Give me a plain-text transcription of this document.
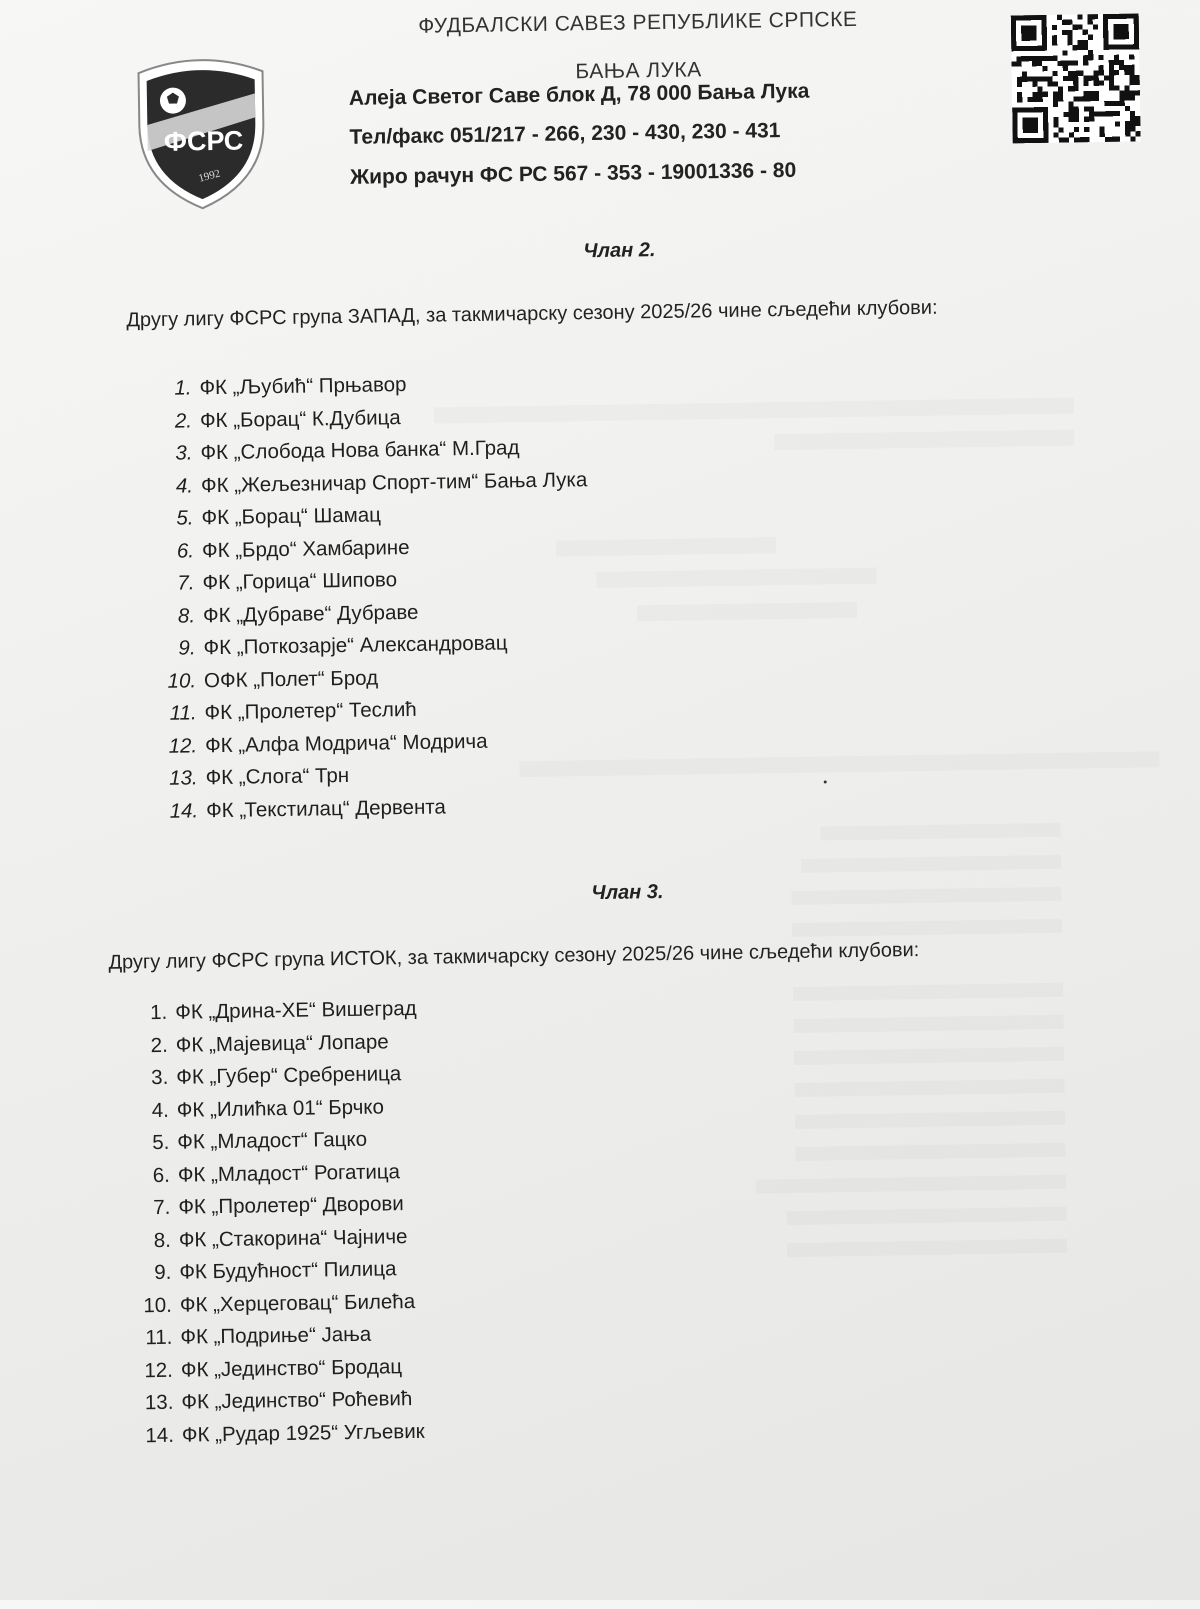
​
ФСРС
1992
ФУДБАЛСКИ САВЕЗ РЕПУБЛИКЕ СРПСКЕ
БАЊА ЛУКА
Алеја Светог Саве блок Д, 78 000 Бања Лука
Тел/факс 051/217 - 266, 230 - 430, 230 - 431
Жиро рачун ФС РС 567 - 353 - 19001336 - 80
Члан 2.
Другу лигу ФСРС група ЗАПАД, за такмичарску сезону 2025/26 чине сљедећи клубови:
1. ФК „Љубић“ Прњавор
2. ФК „Борац“ К.Дубица
3. ФК „Слобода Нова банка“ М.Град
4. ФК „Жељезничар Спорт-тим“ Бања Лука
5. ФК „Борац“ Шамац
6. ФК „Брдо“ Хамбарине
7. ФК „Горица“ Шипово
8. ФК „Дубраве“ Дубраве
9. ФК „Поткозарје“ Александровац
10. ОФК „Полет“ Брод
11. ФК „Пролетер“ Теслић
12. ФК „Алфа Модрича“ Модрича
13. ФК „Слога“ Трн
14. ФК „Текстилац“ Дервента
Члан 3.
Другу лигу ФСРС група ИСТОК, за такмичарску сезону 2025/26 чине сљедећи клубови:
1. ФК „Дрина-ХЕ“ Вишеград
2. ФК „Мајевица“ Лопаре
3. ФК „Губер“ Сребреница
4. ФК „Илићка 01“ Брчко
5. ФК „Младост“ Гацко
6. ФК „Младост“ Рогатица
7. ФК „Пролетер“ Дворови
8. ФК „Стакорина“ Чајниче
9. ФК Будућност“ Пилица
10. ФК „Херцеговац“ Билећа
11. ФК „Подриње“ Јања
12. ФК „Јединство“ Бродац
13. ФК „Јединство“ Роћевић
14. ФК „Рудар 1925“ Угљевик
